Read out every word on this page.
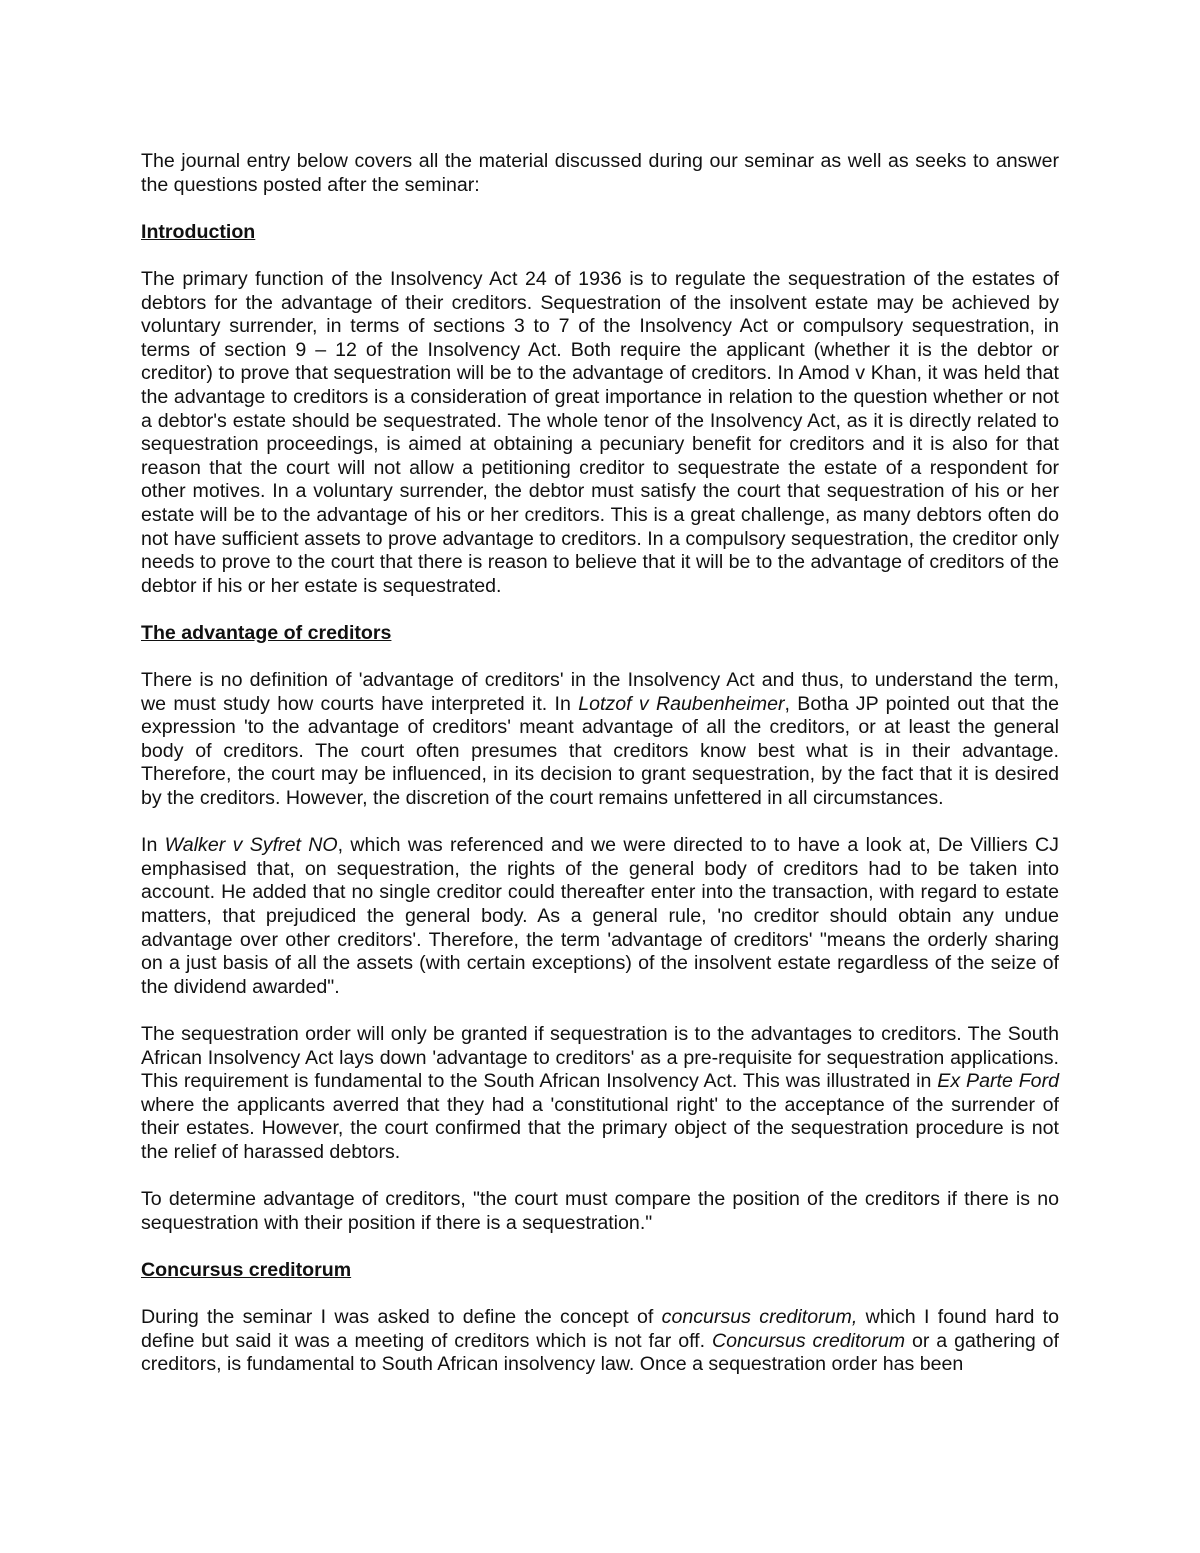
The journal entry below covers all the material discussed during our seminar as well as seeks to answer the questions posted after the seminar:

Introduction

The primary function of the Insolvency Act 24 of 1936 is to regulate the sequestration of the estates of debtors for the advantage of their creditors. Sequestration of the insolvent estate may be achieved by voluntary surrender, in terms of sections 3 to 7 of the Insolvency Act or compulsory sequestration, in terms of section 9 – 12 of the Insolvency Act. Both require the applicant (whether it is the debtor or creditor) to prove that sequestration will be to the advantage of creditors. In Amod v Khan, it was held that the advantage to creditors is a consideration of great importance in relation to the question whether or not a debtor's estate should be sequestrated. The whole tenor of the Insolvency Act, as it is directly related to sequestration proceedings, is aimed at obtaining a pecuniary benefit for creditors and it is also for that reason that the court will not allow a petitioning creditor to sequestrate the estate of a respondent for other motives. In a voluntary surrender, the debtor must satisfy the court that sequestration of his or her estate will be to the advantage of his or her creditors. This is a great challenge, as many debtors often do not have sufficient assets to prove advantage to creditors. In a compulsory sequestration, the creditor only needs to prove to the court that there is reason to believe that it will be to the advantage of creditors of the debtor if his or her estate is sequestrated.

The advantage of creditors

There is no definition of 'advantage of creditors' in the Insolvency Act and thus, to understand the term, we must study how courts have interpreted it. In Lotzof v Raubenheimer, Botha JP pointed out that the expression 'to the advantage of creditors' meant advantage of all the creditors, or at least the general body of creditors. The court often presumes that creditors know best what is in their advantage. Therefore, the court may be influenced, in its decision to grant sequestration, by the fact that it is desired by the creditors. However, the discretion of the court remains unfettered in all circumstances.

In Walker v Syfret NO, which was referenced and we were directed to to have a look at, De Villiers CJ emphasised that, on sequestration, the rights of the general body of creditors had to be taken into account. He added that no single creditor could thereafter enter into the transaction, with regard to estate matters, that prejudiced the general body. As a general rule, 'no creditor should obtain any undue advantage over other creditors'. Therefore, the term 'advantage of creditors' "means the orderly sharing on a just basis of all the assets (with certain exceptions) of the insolvent estate regardless of the seize of the dividend awarded".

The sequestration order will only be granted if sequestration is to the advantages to creditors. The South African Insolvency Act lays down 'advantage to creditors' as a pre-requisite for sequestration applications. This requirement is fundamental to the South African Insolvency Act. This was illustrated in Ex Parte Ford where the applicants averred that they had a 'constitutional right' to the acceptance of the surrender of their estates. However, the court confirmed that the primary object of the sequestration procedure is not the relief of harassed debtors.

To determine advantage of creditors, "the court must compare the position of the creditors if there is no sequestration with their position if there is a sequestration."

Concursus creditorum

During the seminar I was asked to define the concept of concursus creditorum, which I found hard to define but said it was a meeting of creditors which is not far off. Concursus creditorum or a gathering of creditors, is fundamental to South African insolvency law. Once a sequestration order has been
